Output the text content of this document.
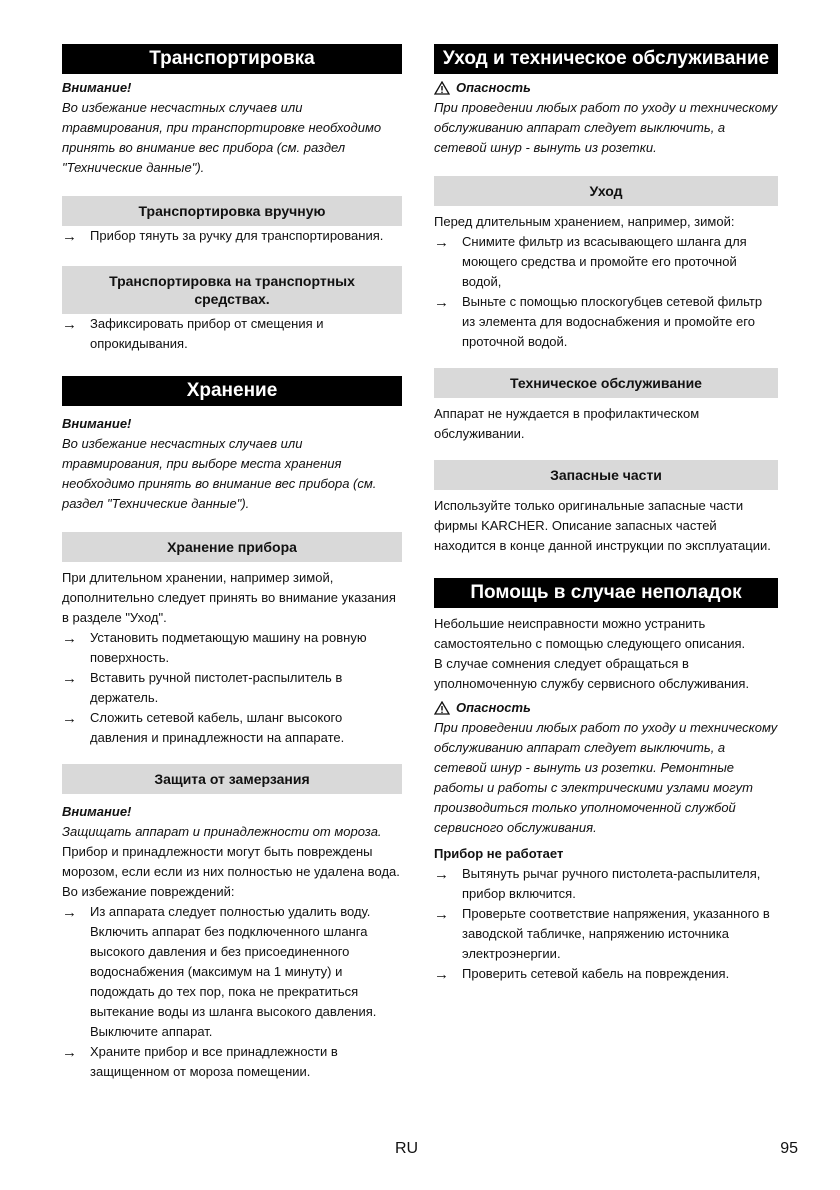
Транспортировка
Внимание!

Во избежание несчастных случаев или травмирования, при транспортировке необходимо принять во внимание вес прибора (см. раздел "Технические данные").

Транспортировка вручную
→ Прибор тянуть за ручку для транспортирования.
Транспортировка на транспортных средствах.
→ Зафиксировать прибор от смещения и опрокидывания.
Хранение
Внимание!

Во избежание несчастных случаев или травмирования, при выборе места хранения необходимо принять во внимание вес прибора (см. раздел "Технические данные").

Хранение прибора

При длительном хранении, например зимой, дополнительно следует принять во внимание указания в разделе "Уход".

→ Установить подметающую машину на ровную поверхность.
→ Вставить ручной пистолет-распылитель в держатель.
→ Сложить сетевой кабель, шланг высокого давления и принадлежности на аппарате.
Защита от замерзания
Внимание!

Защищать аппарат и принадлежности от мороза.

Прибор и принадлежности могут быть повреждены морозом, если если из них полностью не удалена вода. Во избежание повреждений:

→ Из аппарата следует полностью удалить воду. Включить аппарат без подключенного шланга высокого давления и без присоединенного водоснабжения (максимум на 1 минуту) и подождать до тех пор, пока не прекратиться вытекание воды из шланга высокого давления. Выключите аппарат.
→ Храните прибор и все принадлежности в защищенном от мороза помещении.
Уход и техническое обслуживание
Опасность

При проведении любых работ по уходу и техническому обслуживанию аппарат следует выключить, а сетевой шнур - вынуть из розетки.

Уход

Перед длительным хранением, например, зимой:

→ Снимите фильтр из всасывающего шланга для моющего средства и промойте его проточной водой,
→ Выньте с помощью плоскогубцев сетевой фильтр из элемента для водоснабжения и промойте его проточной водой.
Техническое обслуживание

Аппарат не нуждается в профилактическом обслуживании.

Запасные части

Используйте только оригинальные запасные части фирмы KARCHER. Описание запасных частей находится в конце данной инструкции по эксплуатации.

Помощь в случае неполадок

Небольшие неисправности можно устранить самостоятельно с помощью следующего описания.

В случае сомнения следует обращаться в уполномоченную службу сервисного обслуживания.

Опасность

При проведении любых работ по уходу и техническому обслуживанию аппарат следует выключить, а сетевой шнур - вынуть из розетки. Ремонтные работы и работы с электрическими узлами могут производиться только уполномоченной службой сервисного обслуживания.

Прибор не работает
→ Вытянуть рычаг ручного пистолета-распылителя, прибор включится.
→ Проверьте соответствие напряжения, указанного в заводской табличке, напряжению источника электроэнергии.
→ Проверить сетевой кабель на повреждения.
RU	95
